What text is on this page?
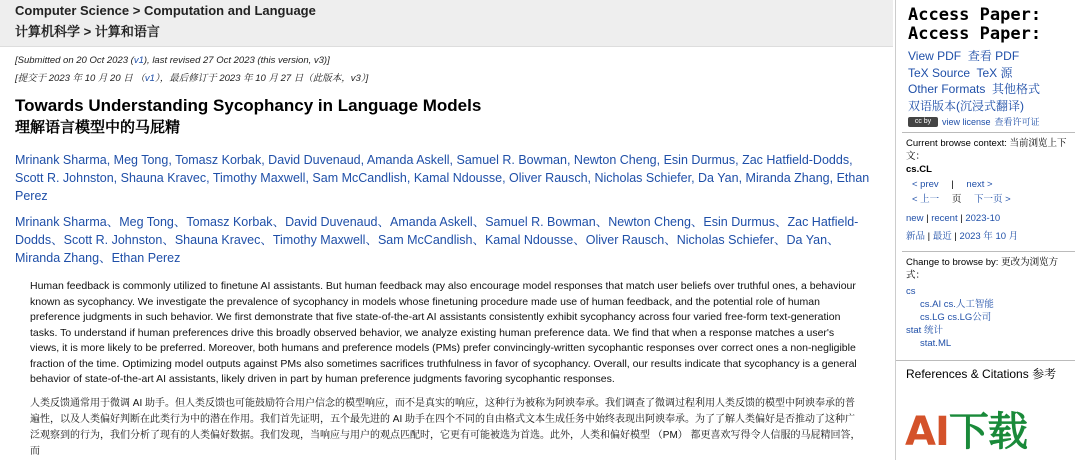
Computer Science > Computation and Language
计算机科学 > 计算和语言
[Submitted on 20 Oct 2023 (v1), last revised 27 Oct 2023 (this version, v3)]
[提交于 2023 年 10 月 20 日 （v1），最后修订于 2023 年 10 月 27 日（此版本，v3）]
Towards Understanding Sycophancy in Language Models
理解语言模型中的马屁精
Mrinank Sharma, Meg Tong, Tomasz Korbak, David Duvenaud, Amanda Askell, Samuel R. Bowman, Newton Cheng, Esin Durmus, Zac Hatfield-Dodds, Scott R. Johnston, Shauna Kravec, Timothy Maxwell, Sam McCandlish, Kamal Ndousse, Oliver Rausch, Nicholas Schiefer, Da Yan, Miranda Zhang, Ethan Perez
Mrinank Sharma、Meg Tong、Tomasz Korbak、David Duvenaud、Amanda Askell、Samuel R. Bowman、Newton Cheng、Esin Durmus、Zac Hatfield-Dodds、Scott R. Johnston、Shauna Kravec、Timothy Maxwell、Sam McCandlish、Kamal Ndousse、Oliver Rausch、Nicholas Schiefer、Da Yan、Miranda Zhang、Ethan Perez
Human feedback is commonly utilized to finetune AI assistants. But human feedback may also encourage model responses that match user beliefs over truthful ones, a behaviour known as sycophancy. We investigate the prevalence of sycophancy in models whose finetuning procedure made use of human feedback, and the potential role of human preference judgments in such behavior. We first demonstrate that five state-of-the-art AI assistants consistently exhibit sycophancy across four varied free-form text-generation tasks. To understand if human preferences drive this broadly observed behavior, we analyze existing human preference data. We find that when a response matches a user's views, it is more likely to be preferred. Moreover, both humans and preference models (PMs) prefer convincingly-written sycophantic responses over correct ones a non-negligible fraction of the time. Optimizing model outputs against PMs also sometimes sacrifices truthfulness in favor of sycophancy. Overall, our results indicate that sycophancy is a general behavior of state-of-the-art AI assistants, likely driven in part by human preference judgments favoring sycophantic responses.
人类反馈通常用于微调 AI 助手。但人类反馈也可能鼓励符合用户信念的模型响应，而不是真实的响应，这种行为被称为阿谀奉承。我们调查了微调过程利用人类反馈的模型中阿谀奉承的普遍性，以及人类偏好判断在此类行为中的潜在作用。我们首先证明，五个最先进的 AI 助手在四个不同的自由格式文本生成任务中始终表现出阿谀奉承。为了了解人类偏好是否推动了这种广泛观察到的行为，我们分析了现有的人类偏好数据。我们发现，当响应与用户的观点匹配时，它更有可能被选为首选。此外，人类和偏好模型 （PM） 都更喜欢写得令人信服的马屁精回答，而
Access Paper: Access Paper:
View PDF 查看 PDF
TeX Source TeX 源
Other Formats 其他格式
双语版本(沉浸式翻译)
cc by	view license 查看许可证
Current browse context: 当前浏览上下文：
cs.CL
< prev | next >
< 上一 页 下一页 >
new | recent | 2023-10
新品 | 最近 | 2023 年 10 月
Change to browse by: 更改为浏览方式：
cs
cs.AI cs.人工智能
cs.LG cs.LG公司
stat 统计
stat.ML
References & Citations 参考
AI下载
